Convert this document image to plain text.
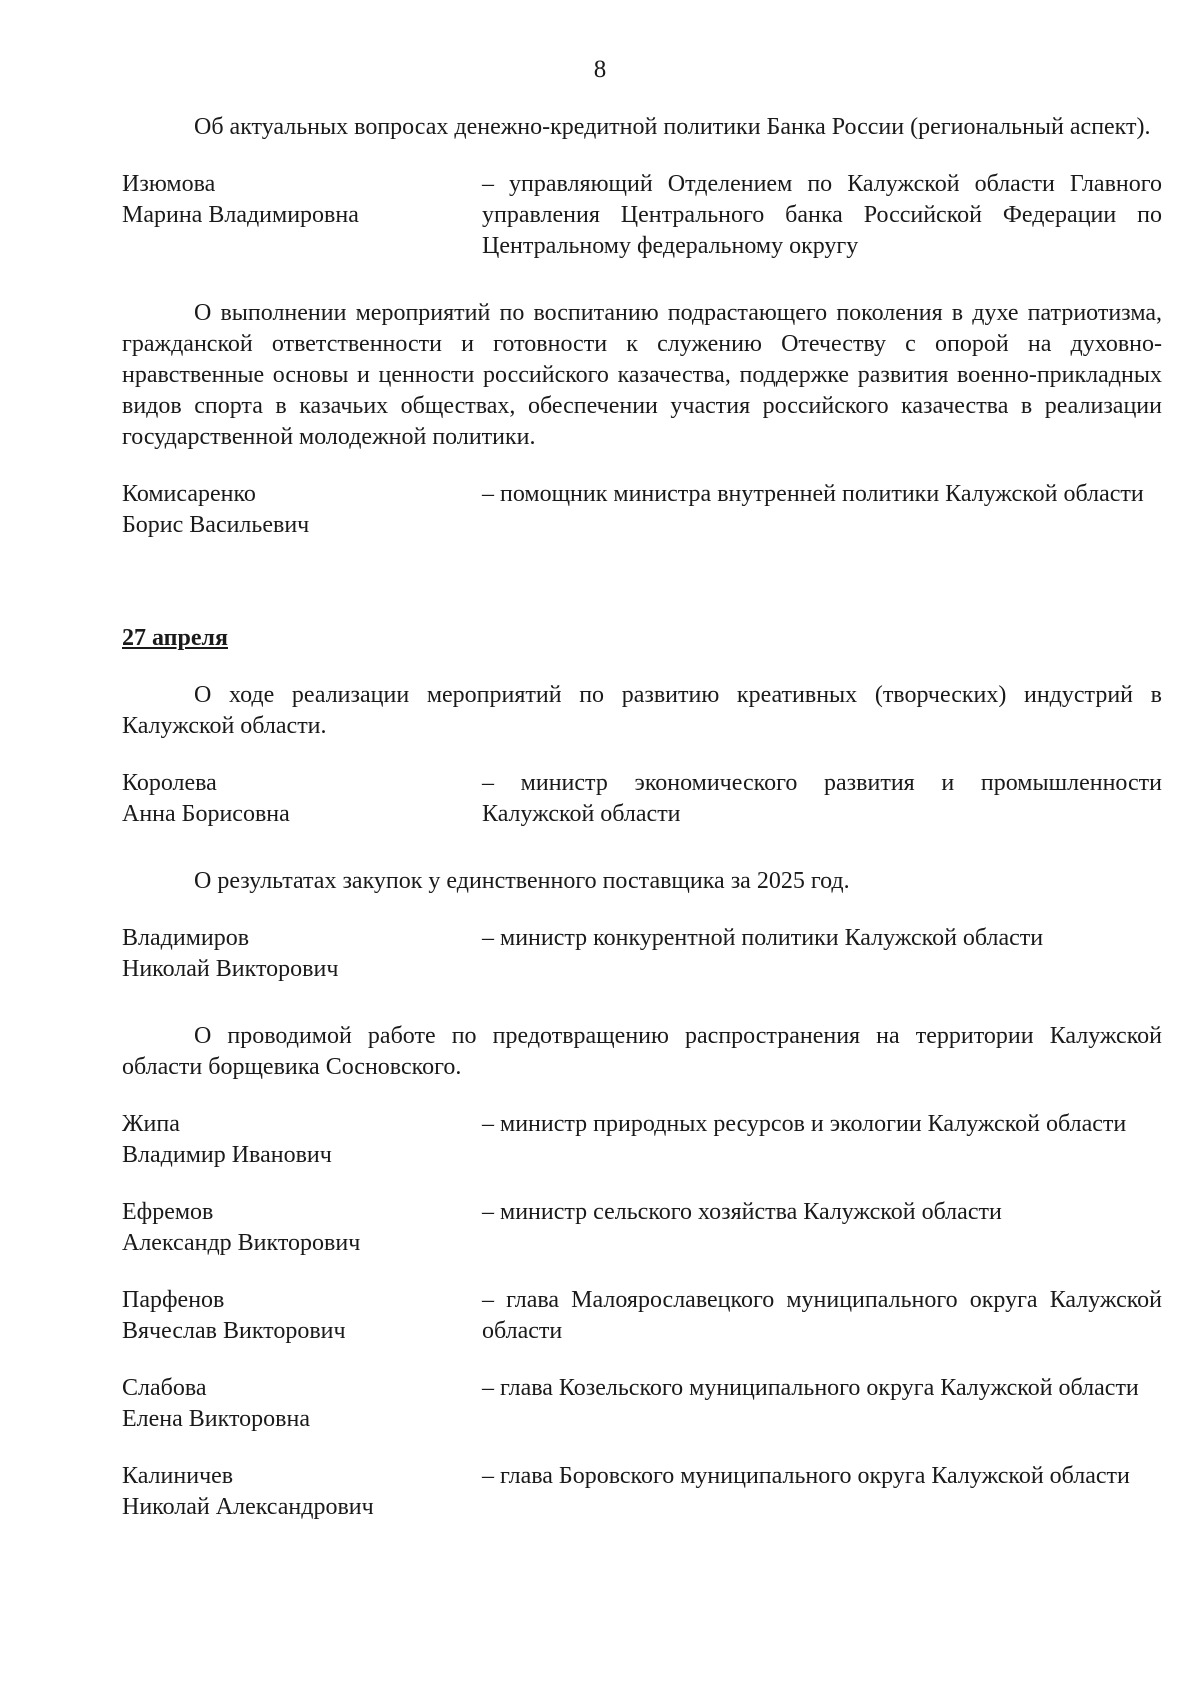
8

Об актуальных вопросах денежно-кредитной политики Банка России (региональный аспект).

Изюмова
Марина Владимировна
– управляющий Отделением по Калужской области Главного управления Центрального банка Российской Федерации по Центральному федеральному округу

О выполнении мероприятий по воспитанию подрастающего поколения в духе патриотизма, гражданской ответственности и готовности к служению Отечеству с опорой на духовно-нравственные основы и ценности российского казачества, поддержке развития военно-прикладных видов спорта в казачьих обществах, обеспечении участия российского казачества в реализации государственной молодежной политики.

Комисаренко
Борис Васильевич
– помощник министра внутренней политики Калужской области

27 апреля

О ходе реализации мероприятий по развитию креативных (творческих) индустрий в Калужской области.

Королева
Анна Борисовна
– министр экономического развития и промышленности Калужской области

О результатах закупок у единственного поставщика за 2025 год.

Владимиров
Николай Викторович
– министр конкурентной политики Калужской области

О проводимой работе по предотвращению распространения на территории Калужской области борщевика Сосновского.

Жипа
Владимир Иванович
– министр природных ресурсов и экологии Калужской области
Ефремов
Александр Викторович
– министр сельского хозяйства Калужской области
Парфенов
Вячеслав Викторович
– глава Малоярославецкого муниципального округа Калужской области
Слабова
Елена Викторовна
– глава Козельского муниципального округа Калужской области
Калиничев
Николай Александрович
– глава Боровского муниципального округа Калужской области
